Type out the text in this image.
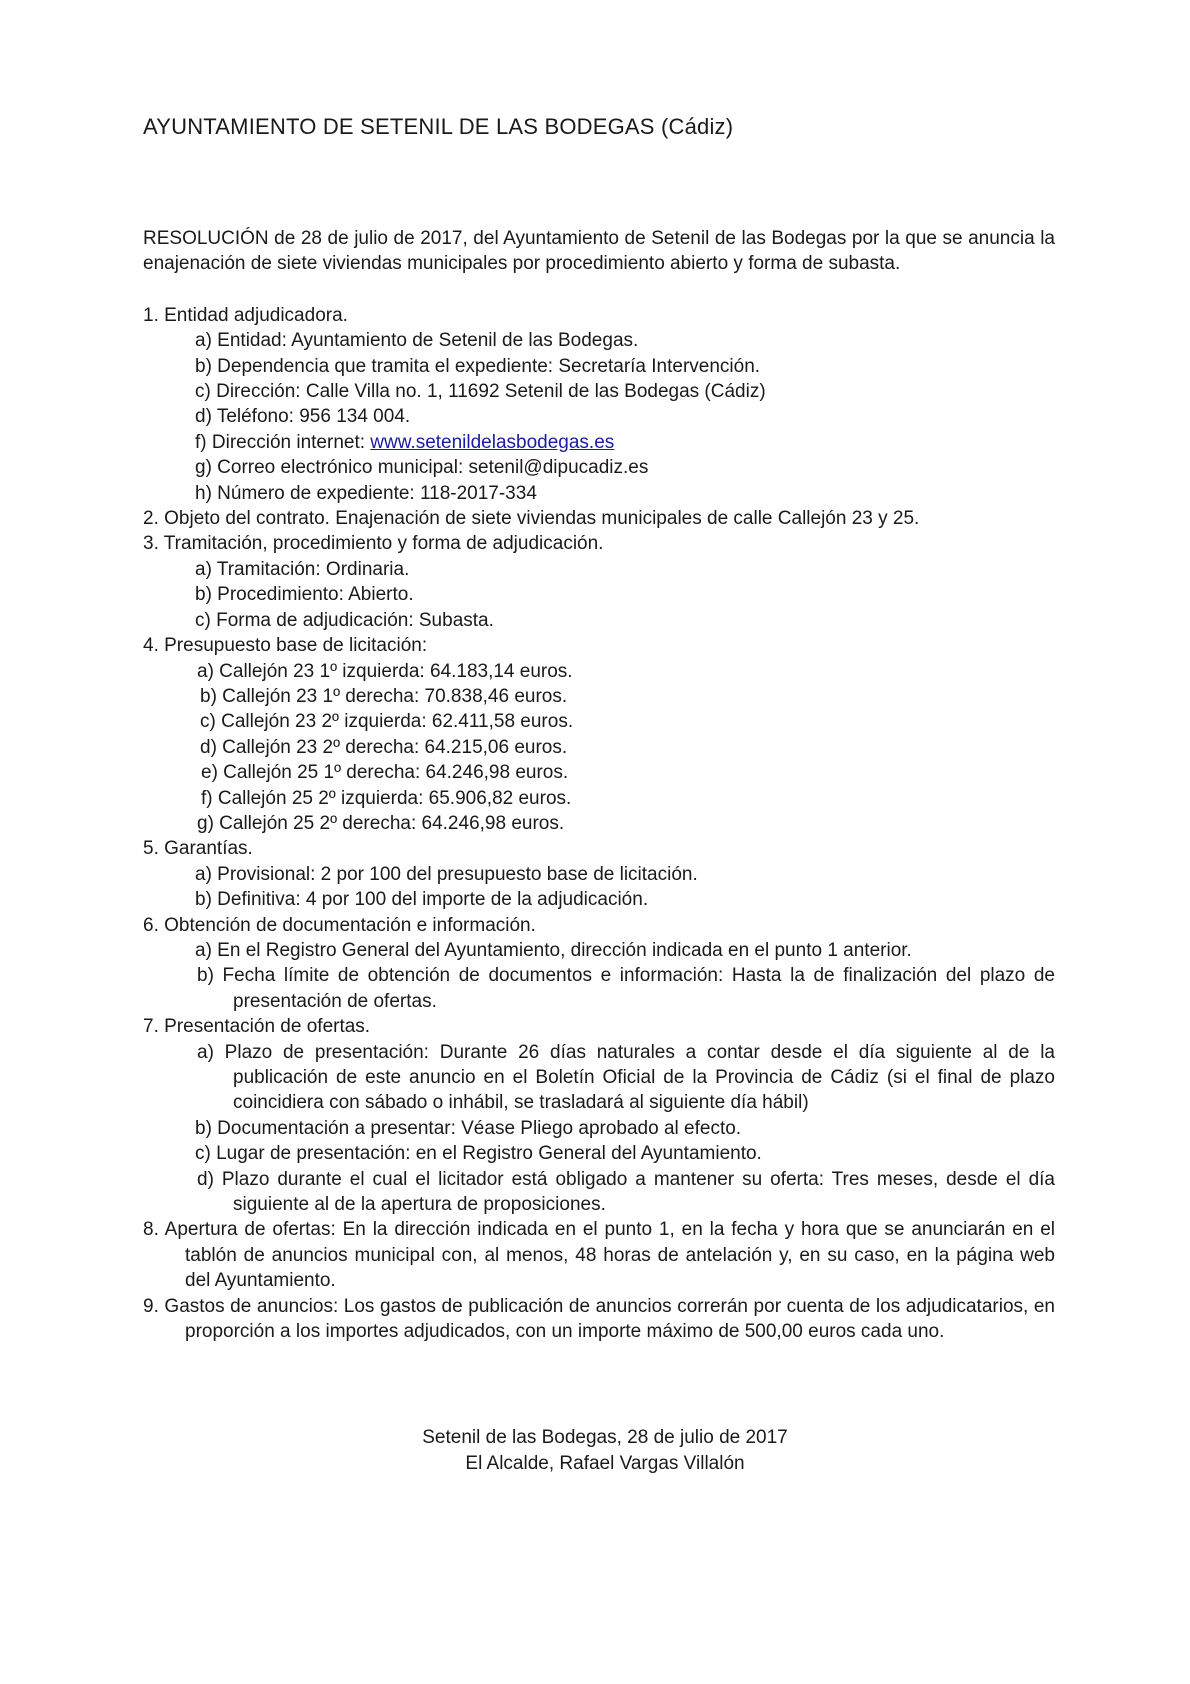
AYUNTAMIENTO DE SETENIL DE LAS BODEGAS (Cádiz)

RESOLUCIÓN de 28 de julio de 2017, del Ayuntamiento de Setenil de las Bodegas por la que se anuncia la enajenación de siete viviendas municipales por procedimiento abierto y forma de subasta.

1. Entidad adjudicadora.
a) Entidad: Ayuntamiento de Setenil de las Bodegas.
b) Dependencia que tramita el expediente: Secretaría Intervención.
c) Dirección: Calle Villa no. 1, 11692 Setenil de las Bodegas (Cádiz)
d) Teléfono: 956 134 004.
f) Dirección internet: www.setenildelasbodegas.es
g) Correo electrónico municipal: setenil@dipucadiz.es
h) Número de expediente: 118-2017-334
2. Objeto del contrato. Enajenación de siete viviendas municipales de calle Callejón 23 y 25.
3. Tramitación, procedimiento y forma de adjudicación.
a) Tramitación: Ordinaria.
b) Procedimiento: Abierto.
c) Forma de adjudicación: Subasta.
4. Presupuesto base de licitación:
a) Callejón 23 1º izquierda: 64.183,14 euros.
b) Callejón 23 1º derecha: 70.838,46 euros.
c) Callejón 23 2º izquierda: 62.411,58 euros.
d) Callejón 23 2º derecha: 64.215,06 euros.
e) Callejón 25 1º derecha: 64.246,98 euros.
f) Callejón 25 2º izquierda: 65.906,82 euros.
g) Callejón 25 2º derecha: 64.246,98 euros.
5. Garantías.
a) Provisional: 2 por 100 del presupuesto base de licitación.
b) Definitiva: 4 por 100 del importe de la adjudicación.
6. Obtención de documentación e información.
a) En el Registro General del Ayuntamiento, dirección indicada en el punto 1 anterior.
b) Fecha límite de obtención de documentos e información: Hasta la de finalización del plazo de presentación de ofertas.
7. Presentación de ofertas.
a) Plazo de presentación: Durante 26 días naturales a contar desde el día siguiente al de la publicación de este anuncio en el Boletín Oficial de la Provincia de Cádiz (si el final de plazo coincidiera con sábado o inhábil, se trasladará al siguiente día hábil)
b) Documentación a presentar: Véase Pliego aprobado al efecto.
c) Lugar de presentación: en el Registro General del Ayuntamiento.
d) Plazo durante el cual el licitador está obligado a mantener su oferta: Tres meses, desde el día siguiente al de la apertura de proposiciones.
8. Apertura de ofertas: En la dirección indicada en el punto 1, en la fecha y hora que se anunciarán en el tablón de anuncios municipal con, al menos, 48 horas de antelación y, en su caso, en la página web del Ayuntamiento.
9. Gastos de anuncios: Los gastos de publicación de anuncios correrán por cuenta de los adjudicatarios, en proporción a los importes adjudicados, con un importe máximo de 500,00 euros cada uno.
Setenil de las Bodegas, 28 de julio de 2017
El Alcalde, Rafael Vargas Villalón
